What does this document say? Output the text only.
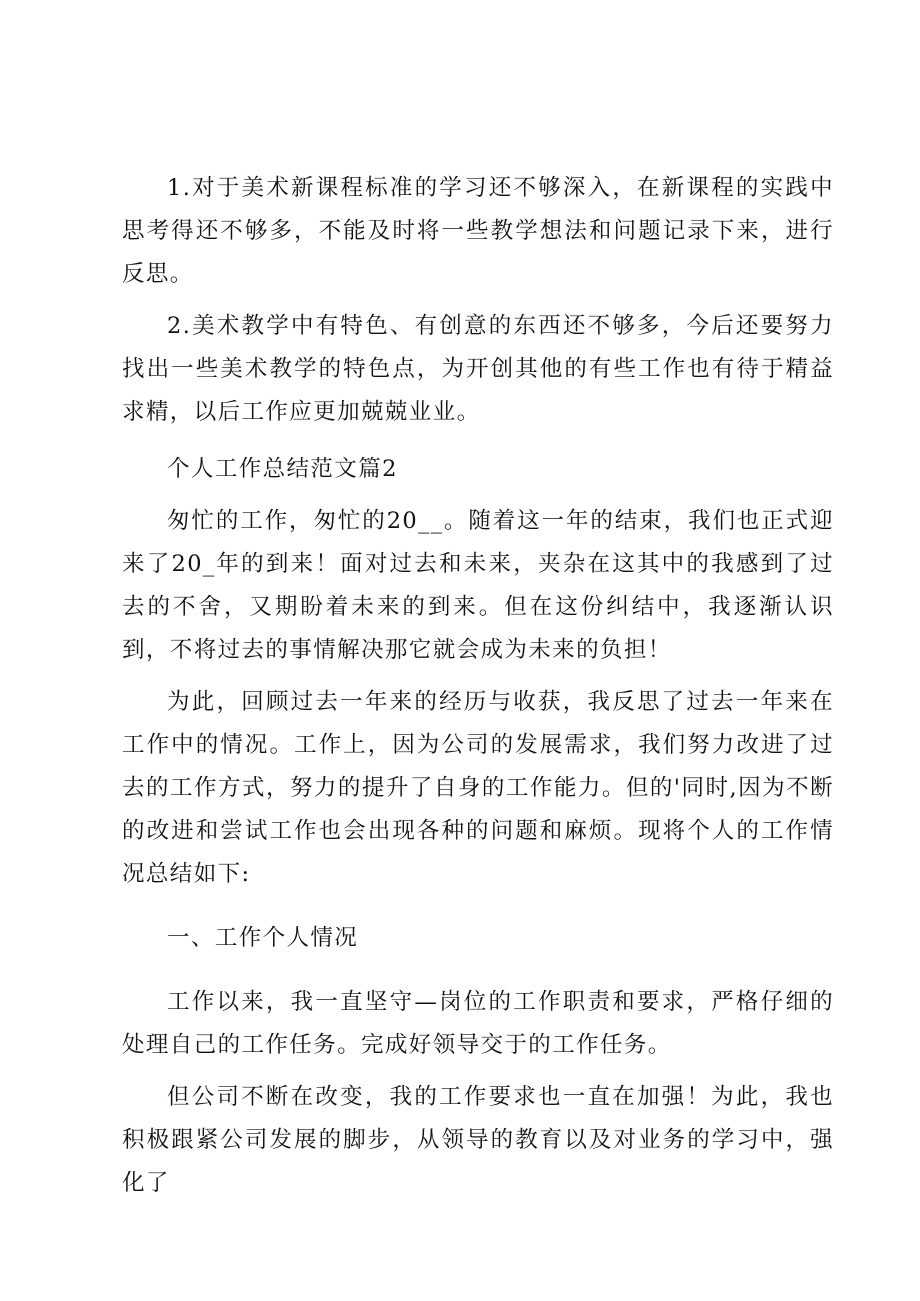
1.对于美术新课程标准的学习还不够深入，在新课程的实践中思考得还不够多，不能及时将一些教学想法和问题记录下来，进行反思。

2.美术教学中有特色、有创意的东西还不够多，今后还要努力找出一些美术教学的特色点，为开创其他的有些工作也有待于精益求精，以后工作应更加兢兢业业。

个人工作总结范文篇2

匆忙的工作，匆忙的20__。随着这一年的结束，我们也正式迎来了20_年的到来！面对过去和未来，夹杂在这其中的我感到了过去的不舍，又期盼着未来的到来。但在这份纠结中，我逐渐认识到，不将过去的事情解决那它就会成为未来的负担！

为此，回顾过去一年来的经历与收获，我反思了过去一年来在工作中的情况。工作上，因为公司的发展需求，我们努力改进了过去的工作方式，努力的提升了自身的工作能力。但的'同时,因为不断的改进和尝试工作也会出现各种的问题和麻烦。现将个人的工作情况总结如下:

一、工作个人情况

工作以来，我一直坚守—岗位的工作职责和要求，严格仔细的处理自己的工作任务。完成好领导交于的工作任务。

但公司不断在改变，我的工作要求也一直在加强！为此，我也积极跟紧公司发展的脚步，从领导的教育以及对业务的学习中，强化了
